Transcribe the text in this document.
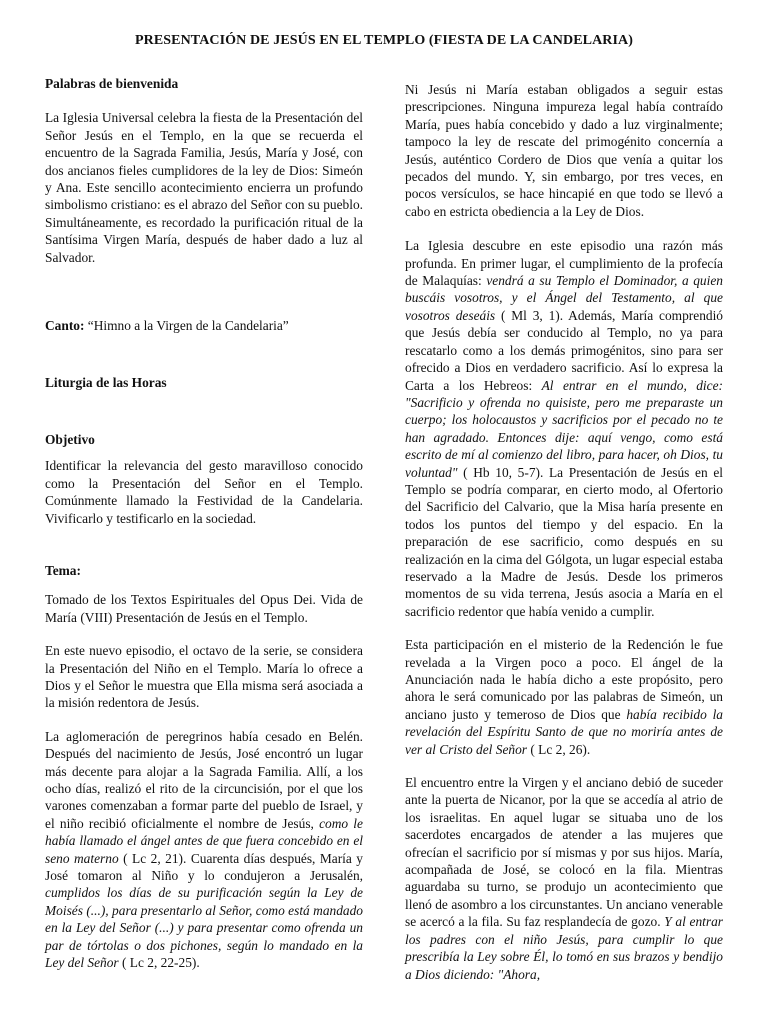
PRESENTACIÓN DE JESÚS EN EL TEMPLO (FIESTA DE LA CANDELARIA)
Palabras de bienvenida

La Iglesia Universal celebra la fiesta de la Presentación del Señor Jesús en el Templo, en la que se recuerda el encuentro de la Sagrada Familia, Jesús, María y José, con dos ancianos fieles cumplidores de la ley de Dios: Simeón y Ana. Este sencillo acontecimiento encierra un profundo simbolismo cristiano: es el abrazo del Señor con su pueblo. Simultáneamente, es recordado la purificación ritual de la Santísima Virgen María, después de haber dado a luz al Salvador.

Canto: “Himno a la Virgen de la Candelaria”

Liturgia de las Horas
Objetivo

Identificar la relevancia del gesto maravilloso conocido como la Presentación del Señor en el Templo. Comúnmente llamado la Festividad de la Candelaria. Vivificarlo y testificarlo en la sociedad.

Tema:

Tomado de los Textos Espirituales del Opus Dei. Vida de María (VIII) Presentación de Jesús en el Templo.

En este nuevo episodio, el octavo de la serie, se considera la Presentación del Niño en el Templo. María lo ofrece a Dios y el Señor le muestra que Ella misma será asociada a la misión redentora de Jesús.

La aglomeración de peregrinos había cesado en Belén. Después del nacimiento de Jesús, José encontró un lugar más decente para alojar a la Sagrada Familia. Allí, a los ocho días, realizó el rito de la circuncisión, por el que los varones comenzaban a formar parte del pueblo de Israel, y el niño recibió oficialmente el nombre de Jesús, como le había llamado el ángel antes de que fuera concebido en el seno materno ( Lc 2, 21). Cuarenta días después, María y José tomaron al Niño y lo condujeron a Jerusalén, cumplidos los días de su purificación según la Ley de Moisés (...), para presentarlo al Señor, como está mandado en la Ley del Señor (...) y para presentar como ofrenda un par de tórtolas o dos pichones, según lo mandado en la Ley del Señor ( Lc 2, 22-25).

Ni Jesús ni María estaban obligados a seguir estas prescripciones. Ninguna impureza legal había contraído María, pues había concebido y dado a luz virginalmente; tampoco la ley de rescate del primogénito concernía a Jesús, auténtico Cordero de Dios que venía a quitar los pecados del mundo. Y, sin embargo, por tres veces, en pocos versículos, se hace hincapié en que todo se llevó a cabo en estricta obediencia a la Ley de Dios.

La Iglesia descubre en este episodio una razón más profunda. En primer lugar, el cumplimiento de la profecía de Malaquías: vendrá a su Templo el Dominador, a quien buscáis vosotros, y el Ángel del Testamento, al que vosotros deseáis ( Ml 3, 1). Además, María comprendió que Jesús debía ser conducido al Templo, no ya para rescatarlo como a los demás primogénitos, sino para ser ofrecido a Dios en verdadero sacrificio. Así lo expresa la Carta a los Hebreos: Al entrar en el mundo, dice: "Sacrificio y ofrenda no quisiste, pero me preparaste un cuerpo; los holocaustos y sacrificios por el pecado no te han agradado. Entonces dije: aquí vengo, como está escrito de mí al comienzo del libro, para hacer, oh Dios, tu voluntad" ( Hb 10, 5-7). La Presentación de Jesús en el Templo se podría comparar, en cierto modo, al Ofertorio del Sacrificio del Calvario, que la Misa haría presente en todos los puntos del tiempo y del espacio. En la preparación de ese sacrificio, como después en su realización en la cima del Gólgota, un lugar especial estaba reservado a la Madre de Jesús. Desde los primeros momentos de su vida terrena, Jesús asocia a María en el sacrificio redentor que había venido a cumplir.

Esta participación en el misterio de la Redención le fue revelada a la Virgen poco a poco. El ángel de la Anunciación nada le había dicho a este propósito, pero ahora le será comunicado por las palabras de Simeón, un anciano justo y temeroso de Dios que había recibido la revelación del Espíritu Santo de que no moriría antes de ver al Cristo del Señor ( Lc 2, 26).

El encuentro entre la Virgen y el anciano debió de suceder ante la puerta de Nicanor, por la que se accedía al atrio de los israelitas. En aquel lugar se situaba uno de los sacerdotes encargados de atender a las mujeres que ofrecían el sacrificio por sí mismas y por sus hijos. María, acompañada de José, se colocó en la fila. Mientras aguardaba su turno, se produjo un acontecimiento que llenó de asombro a los circunstantes. Un anciano venerable se acercó a la fila. Su faz resplandecía de gozo. Y al entrar los padres con el niño Jesús, para cumplir lo que prescribía la Ley sobre Él, lo tomó en sus brazos y bendijo a Dios diciendo: "Ahora,
